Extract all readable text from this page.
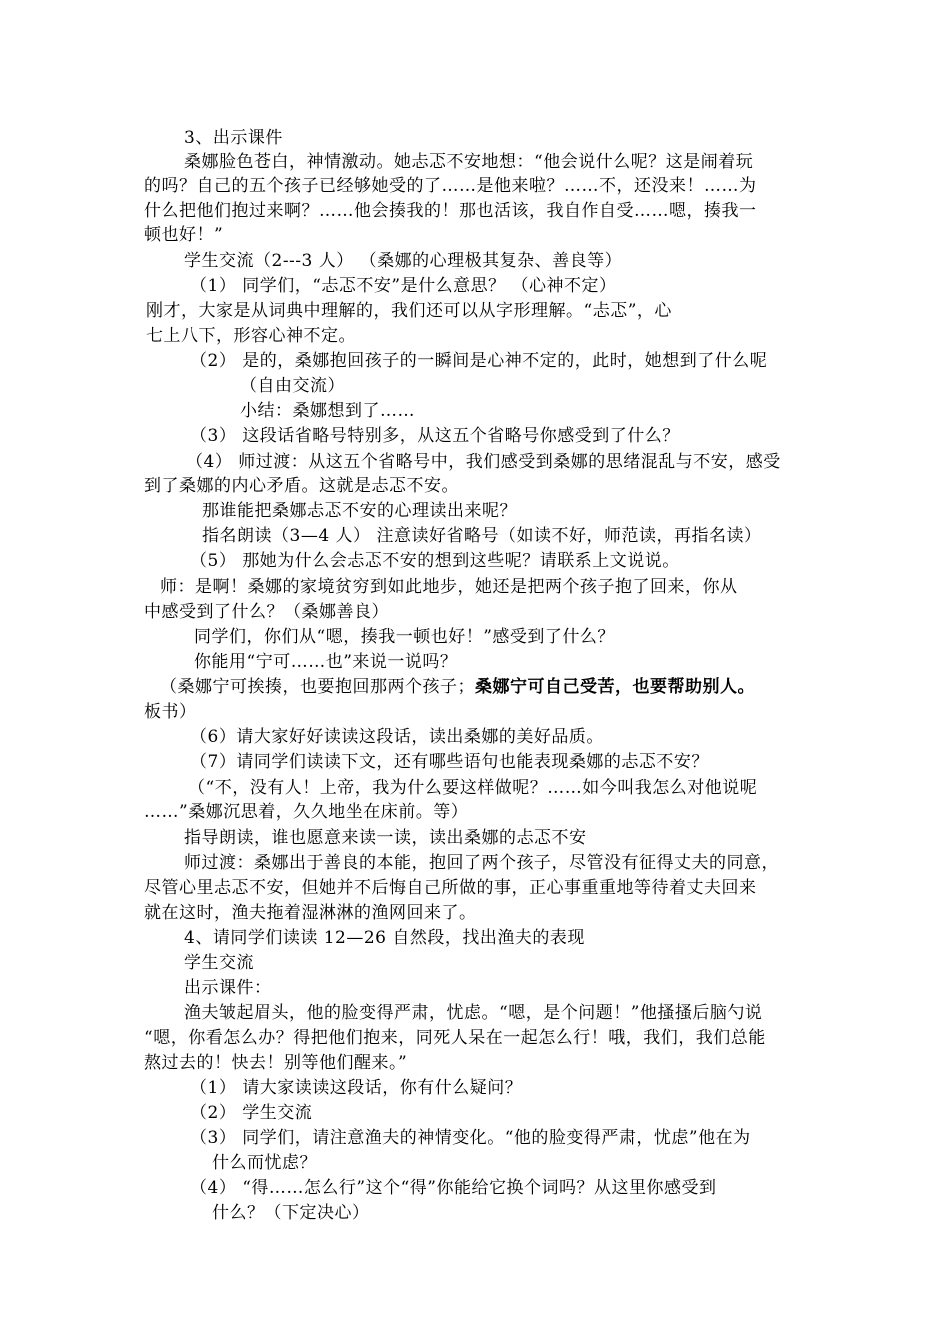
3、出示课件
桑娜脸色苍白，神情激动。她忐忑不安地想：“他会说什么呢？这是闹着玩
的吗？自己的五个孩子已经够她受的了……是他来啦？……不，还没来！……为
什么把他们抱过来啊？……他会揍我的！那也活该，我自作自受……嗯，揍我一
顿也好！”
学生交流（2---3 人） （桑娜的心理极其复杂、善良等）
（1） 同学们，“忐忑不安”是什么意思？ （心神不定）
刚才，大家是从词典中理解的，我们还可以从字形理解。“忐忑”，心
七上八下，形容心神不定。
（2） 是的，桑娜抱回孩子的一瞬间是心神不定的，此时，她想到了什么呢
（自由交流）
小结：桑娜想到了……
（3） 这段话省略号特别多，从这五个省略号你感受到了什么？
（4） 师过渡：从这五个省略号中，我们感受到桑娜的思绪混乱与不安，感受
到了桑娜的内心矛盾。这就是忐忑不安。
那谁能把桑娜忐忑不安的心理读出来呢？
指名朗读（3—4 人） 注意读好省略号（如读不好，师范读，再指名读）
（5） 那她为什么会忐忑不安的想到这些呢？请联系上文说说。
师：是啊！桑娜的家境贫穷到如此地步，她还是把两个孩子抱了回来，你从
中感受到了什么？（桑娜善良）
同学们，你们从“嗯，揍我一顿也好！”感受到了什么？
你能用“宁可……也”来说一说吗？
（桑娜宁可挨揍，也要抱回那两个孩子；桑娜宁可自己受苦，也要帮助别人。
板书）
（6）请大家好好读读这段话，读出桑娜的美好品质。
（7）请同学们读读下文，还有哪些语句也能表现桑娜的忐忑不安？
（“不，没有人！上帝，我为什么要这样做呢？……如今叫我怎么对他说呢
……”桑娜沉思着，久久地坐在床前。等）
指导朗读，谁也愿意来读一读，读出桑娜的忐忑不安
师过渡：桑娜出于善良的本能，抱回了两个孩子，尽管没有征得丈夫的同意，
尽管心里忐忑不安，但她并不后悔自己所做的事，正心事重重地等待着丈夫回来
就在这时，渔夫拖着湿淋淋的渔网回来了。
4、请同学们读读 12—26 自然段，找出渔夫的表现
学生交流
出示课件：
渔夫皱起眉头，他的脸变得严肃，忧虑。“嗯，是个问题！”他搔搔后脑勺说
“嗯，你看怎么办？得把他们抱来，同死人呆在一起怎么行！哦，我们，我们总能
熬过去的！快去！别等他们醒来。”
（1） 请大家读读这段话，你有什么疑问？
（2） 学生交流
（3） 同学们，请注意渔夫的神情变化。“他的脸变得严肃，忧虑”他在为
什么而忧虑？
（4） “得……怎么行”这个“得”你能给它换个词吗？从这里你感受到
什么？（下定决心）
